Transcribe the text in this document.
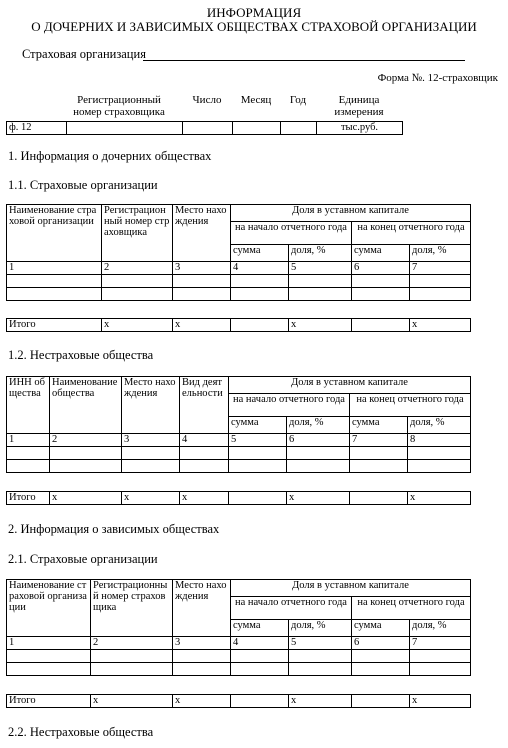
ИНФОРМАЦИЯ
О ДОЧЕРНИХ И ЗАВИСИМЫХ ОБЩЕСТВАХ СТРАХОВОЙ ОРГАНИЗАЦИИ
Страховая организация
Форма №. 12-страховщик
Регистрационный номер страховщика
Число	Месяц	Год	Единица измерения
ф. 12					тыс.руб.
1. Информация о дочерних обществах
1.1. Страховые организации
Наименование страховой организации	Регистрационный номер страховщика	Место нахождения	Доля в уставном капитале			
			на начало отчетного года		на конец отчетного года	
			сумма	доля, %	сумма	доля, %
1	2	3	4	5	6	7

Итого	х	х		х		х
1.2. Нестраховые общества
ИНН общества	Наименование общества	Место нахождения	Вид деятельности	Доля в уставном капитале			
				на начало отчетного года		на конец отчетного года	
				сумма	доля, %	сумма	доля, %
1	2	3	4	5	6	7	8

Итого	х	х	х		х		х
2. Информация о зависимых обществах
2.1. Страховые организации
Наименование страховой организации	Регистрационный номер страховщика	Место нахождения	Доля в уставном капитале			
			на начало отчетного года		на конец отчетного года	
			сумма	доля, %	сумма	доля, %
1	2	3	4	5	6	7

Итого	х	х		х		х
2.2. Нестраховые общества
